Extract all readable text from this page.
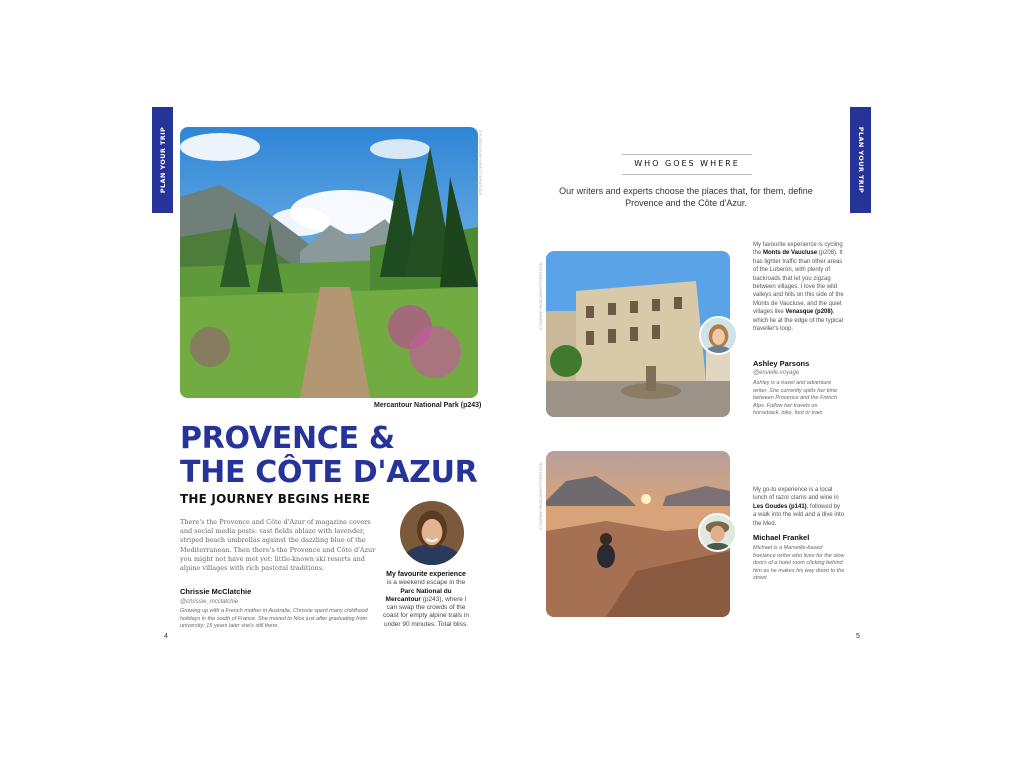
PLAN YOUR TRIP	PLAN YOUR TRIP
© KOSOLOVSKY/SHUTTERSTOCK
Mercantour National Park (p243)
PROVENCE &
THE CÔTE D'AZUR
THE JOURNEY BEGINS HERE

There's the Provence and Côte d'Azur of magazine covers and social media posts: vast fields ablaze with lavender, striped beach umbrellas against the dazzling blue of the Mediterranean. Then there's the Provence and Côte d'Azur you might not have met yet: little-known ski resorts and alpine villages with rich pastoral traditions.

Chrissie McClatchie
@chrissie_mcclatchie

Growing up with a French mother in Australia, Chrissie spent many childhood holidays in the south of France. She moved to Nice just after graduating from university; 15 years later she's still there.

My favourite experience
is a weekend escape in the Parc National du Mercantour (p243), where I can swap the crowds of the coast for empty alpine trails in under 90 minutes. Total bliss.
4
WHO GOES WHERE

Our writers and experts choose the places that, for them, define Provence and the Côte d'Azur.

© SOPHIE PAGES/SHUTTERSTOCK
My favourite experience is cycling the Monts de Vaucluse (p208). It has lighter traffic than other areas of the Luberon, with plenty of backroads that let you zigzag between villages. I love the wild valleys and hills on this side of the Monts de Vaucluse, and the quiet villages like Venasque (p208), which lie at the edge of the typical traveller's loop.
Ashley Parsons
@envelle.voyage

Ashley is a travel and adventure writer. She currently splits her time between Provence and the French Alps. Follow her travels on horseback, bike, foot or train.

© SOPHIE PAGES/SHUTTERSTOCK	My go-to experience is a local lunch of razor clams and wine in Les Goudes (p141), followed by a walk into the wild and a dive into the Med.
Michael Frankel

Michael is a Marseille-based freelance writer who lives for the slow doors of a hotel room clicking behind him as he makes his way down to the street

5
